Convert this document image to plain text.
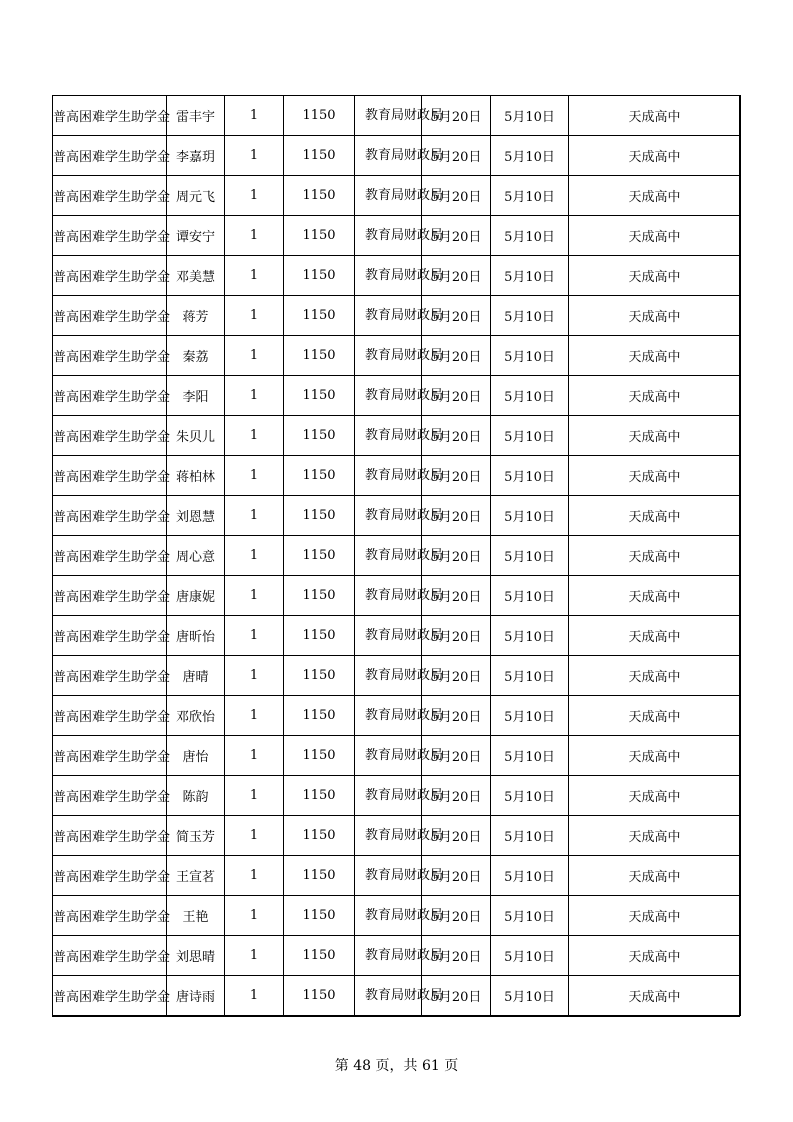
普高困难学生助学金	雷丰宇	1	1150	教育局财政局	5月20日	5月10日	天成高中
普高困难学生助学金	李嘉玥	1	1150	教育局财政局	5月20日	5月10日	天成高中
普高困难学生助学金	周元飞	1	1150	教育局财政局	5月20日	5月10日	天成高中
普高困难学生助学金	谭安宁	1	1150	教育局财政局	5月20日	5月10日	天成高中
普高困难学生助学金	邓美慧	1	1150	教育局财政局	5月20日	5月10日	天成高中
普高困难学生助学金	蒋芳	1	1150	教育局财政局	5月20日	5月10日	天成高中
普高困难学生助学金	秦荔	1	1150	教育局财政局	5月20日	5月10日	天成高中
普高困难学生助学金	李阳	1	1150	教育局财政局	5月20日	5月10日	天成高中
普高困难学生助学金	朱贝儿	1	1150	教育局财政局	5月20日	5月10日	天成高中
普高困难学生助学金	蒋柏林	1	1150	教育局财政局	5月20日	5月10日	天成高中
普高困难学生助学金	刘恩慧	1	1150	教育局财政局	5月20日	5月10日	天成高中
普高困难学生助学金	周心意	1	1150	教育局财政局	5月20日	5月10日	天成高中
普高困难学生助学金	唐康妮	1	1150	教育局财政局	5月20日	5月10日	天成高中
普高困难学生助学金	唐昕怡	1	1150	教育局财政局	5月20日	5月10日	天成高中
普高困难学生助学金	唐晴	1	1150	教育局财政局	5月20日	5月10日	天成高中
普高困难学生助学金	邓欣怡	1	1150	教育局财政局	5月20日	5月10日	天成高中
普高困难学生助学金	唐怡	1	1150	教育局财政局	5月20日	5月10日	天成高中
普高困难学生助学金	陈韵	1	1150	教育局财政局	5月20日	5月10日	天成高中
普高困难学生助学金	简玉芳	1	1150	教育局财政局	5月20日	5月10日	天成高中
普高困难学生助学金	王宣茗	1	1150	教育局财政局	5月20日	5月10日	天成高中
普高困难学生助学金	王艳	1	1150	教育局财政局	5月20日	5月10日	天成高中
普高困难学生助学金	刘思晴	1	1150	教育局财政局	5月20日	5月10日	天成高中
普高困难学生助学金	唐诗雨	1	1150	教育局财政局	5月20日	5月10日	天成高中
第 48 页，共 61 页
